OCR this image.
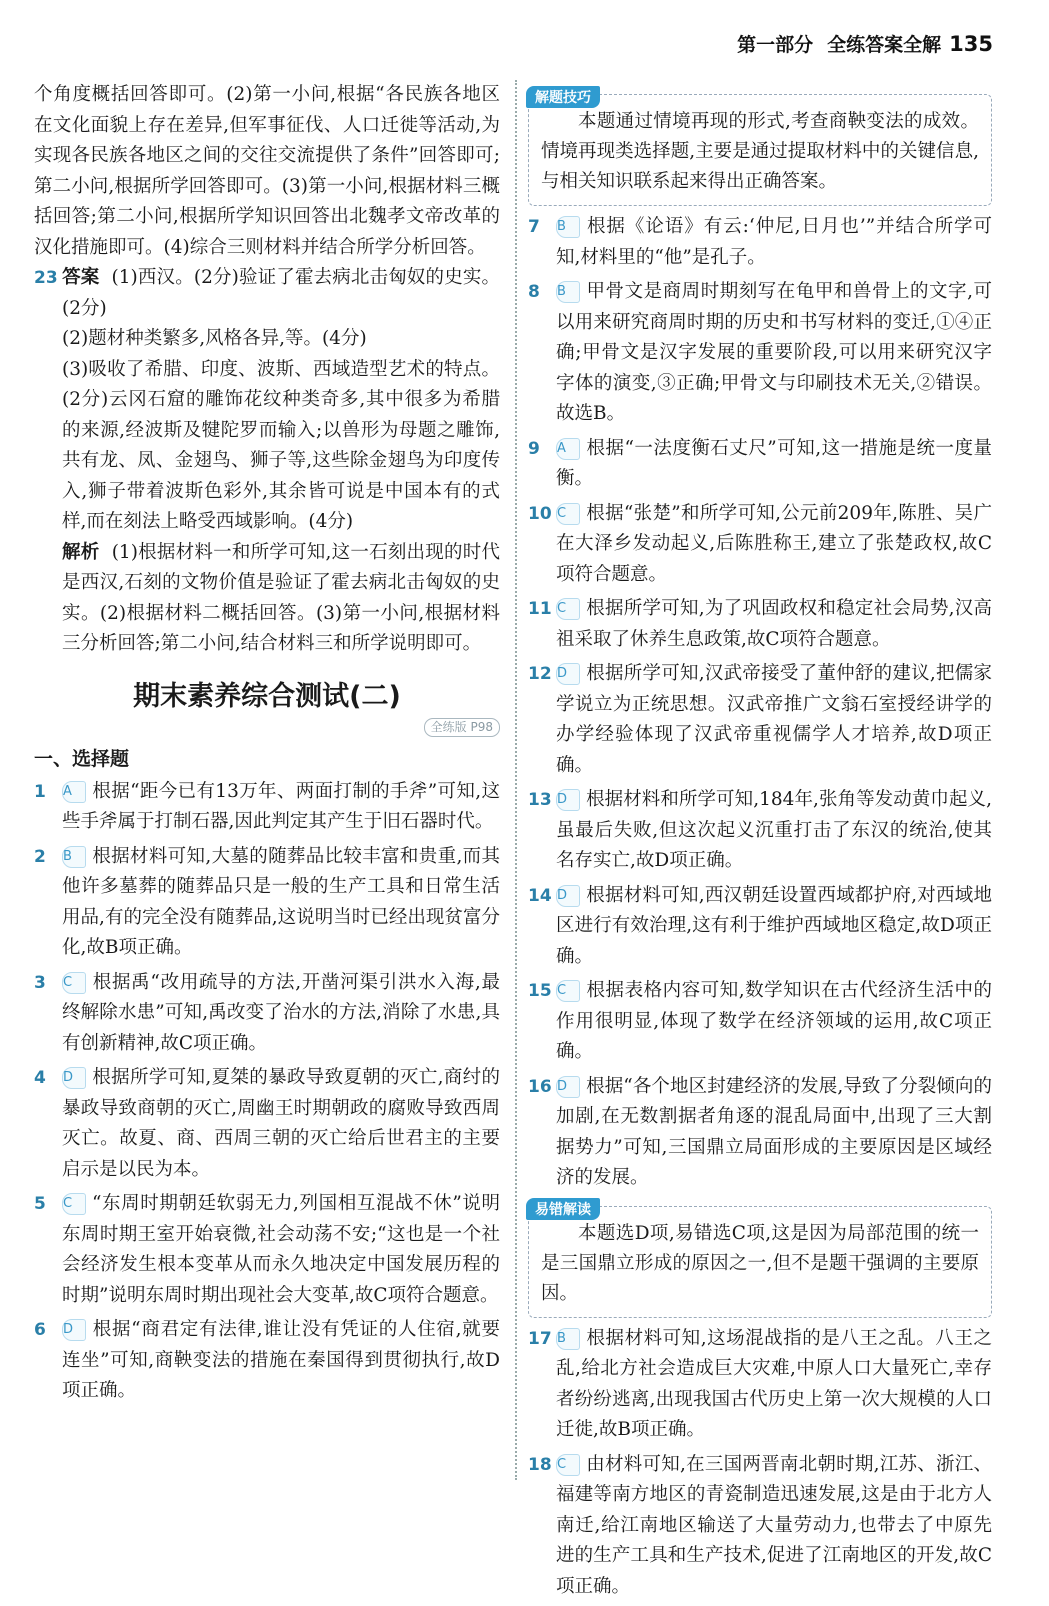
第一部分 全练答案全解 135

个角度概括回答即可。(2)第一小问,根据“各民族各地区在文化面貌上存在差异,但军事征伐、人口迁徙等活动,为实现各民族各地区之间的交往交流提供了条件”回答即可;第二小问,根据所学回答即可。(3)第一小问,根据材料三概括回答;第二小问,根据所学知识回答出北魏孝文帝改革的汉化措施即可。(4)综合三则材料并结合所学分析回答。

23 答案 (1)西汉。(2分)验证了霍去病北击匈奴的史实。(2分)

(2)题材种类繁多,风格各异,等。(4分)

(3)吸收了希腊、印度、波斯、西域造型艺术的特点。(2分)云冈石窟的雕饰花纹种类奇多,其中很多为希腊的来源,经波斯及犍陀罗而输入;以兽形为母题之雕饰,共有龙、凤、金翅鸟、狮子等,这些除金翅鸟为印度传入,狮子带着波斯色彩外,其余皆可说是中国本有的式样,而在刻法上略受西域影响。(4分)

解析 (1)根据材料一和所学可知,这一石刻出现的时代是西汉,石刻的文物价值是验证了霍去病北击匈奴的史实。(2)根据材料二概括回答。(3)第一小问,根据材料三分析回答;第二小问,结合材料三和所学说明即可。

期末素养综合测试(二)
全练版 P98
一、选择题

1 A 根据“距今已有13万年、两面打制的手斧”可知,这些手斧属于打制石器,因此判定其产生于旧石器时代。

2 B 根据材料可知,大墓的随葬品比较丰富和贵重,而其他许多墓葬的随葬品只是一般的生产工具和日常生活用品,有的完全没有随葬品,这说明当时已经出现贫富分化,故B项正确。

3 C 根据禹“改用疏导的方法,开凿河渠引洪水入海,最终解除水患”可知,禹改变了治水的方法,消除了水患,具有创新精神,故C项正确。

4 D 根据所学可知,夏桀的暴政导致夏朝的灭亡,商纣的暴政导致商朝的灭亡,周幽王时期朝政的腐败导致西周灭亡。故夏、商、西周三朝的灭亡给后世君主的主要启示是以民为本。

5 C “东周时期朝廷软弱无力,列国相互混战不休”说明东周时期王室开始衰微,社会动荡不安;“这也是一个社会经济发生根本变革从而永久地决定中国发展历程的时期”说明东周时期出现社会大变革,故C项符合题意。

6 D 根据“商君定有法律,谁让没有凭证的人住宿,就要连坐”可知,商鞅变法的措施在秦国得到贯彻执行,故D项正确。

解题技巧

本题通过情境再现的形式,考查商鞅变法的成效。情境再现类选择题,主要是通过提取材料中的关键信息,与相关知识联系起来得出正确答案。

7 B 根据《论语》有云:‘仲尼,日月也’”并结合所学可知,材料里的“他”是孔子。

8 B 甲骨文是商周时期刻写在龟甲和兽骨上的文字,可以用来研究商周时期的历史和书写材料的变迁,①④正确;甲骨文是汉字发展的重要阶段,可以用来研究汉字字体的演变,③正确;甲骨文与印刷技术无关,②错误。故选B。

9 A 根据“一法度衡石丈尺”可知,这一措施是统一度量衡。

10 C 根据“张楚”和所学可知,公元前209年,陈胜、吴广在大泽乡发动起义,后陈胜称王,建立了张楚政权,故C项符合题意。

11 C 根据所学可知,为了巩固政权和稳定社会局势,汉高祖采取了休养生息政策,故C项符合题意。

12 D 根据所学可知,汉武帝接受了董仲舒的建议,把儒家学说立为正统思想。汉武帝推广文翁石室授经讲学的办学经验体现了汉武帝重视儒学人才培养,故D项正确。

13 D 根据材料和所学可知,184年,张角等发动黄巾起义,虽最后失败,但这次起义沉重打击了东汉的统治,使其名存实亡,故D项正确。

14 D 根据材料可知,西汉朝廷设置西域都护府,对西域地区进行有效治理,这有利于维护西域地区稳定,故D项正确。

15 C 根据表格内容可知,数学知识在古代经济生活中的作用很明显,体现了数学在经济领域的运用,故C项正确。

16 D 根据“各个地区封建经济的发展,导致了分裂倾向的加剧,在无数割据者角逐的混乱局面中,出现了三大割据势力”可知,三国鼎立局面形成的主要原因是区域经济的发展。

易错解读

本题选D项,易错选C项,这是因为局部范围的统一是三国鼎立形成的原因之一,但不是题干强调的主要原因。

17 B 根据材料可知,这场混战指的是八王之乱。八王之乱,给北方社会造成巨大灾难,中原人口大量死亡,幸存者纷纷逃离,出现我国古代历史上第一次大规模的人口迁徙,故B项正确。

18 C 由材料可知,在三国两晋南北朝时期,江苏、浙江、福建等南方地区的青瓷制造迅速发展,这是由于北方人南迁,给江南地区输送了大量劳动力,也带去了中原先进的生产工具和生产技术,促进了江南地区的开发,故C项正确。
